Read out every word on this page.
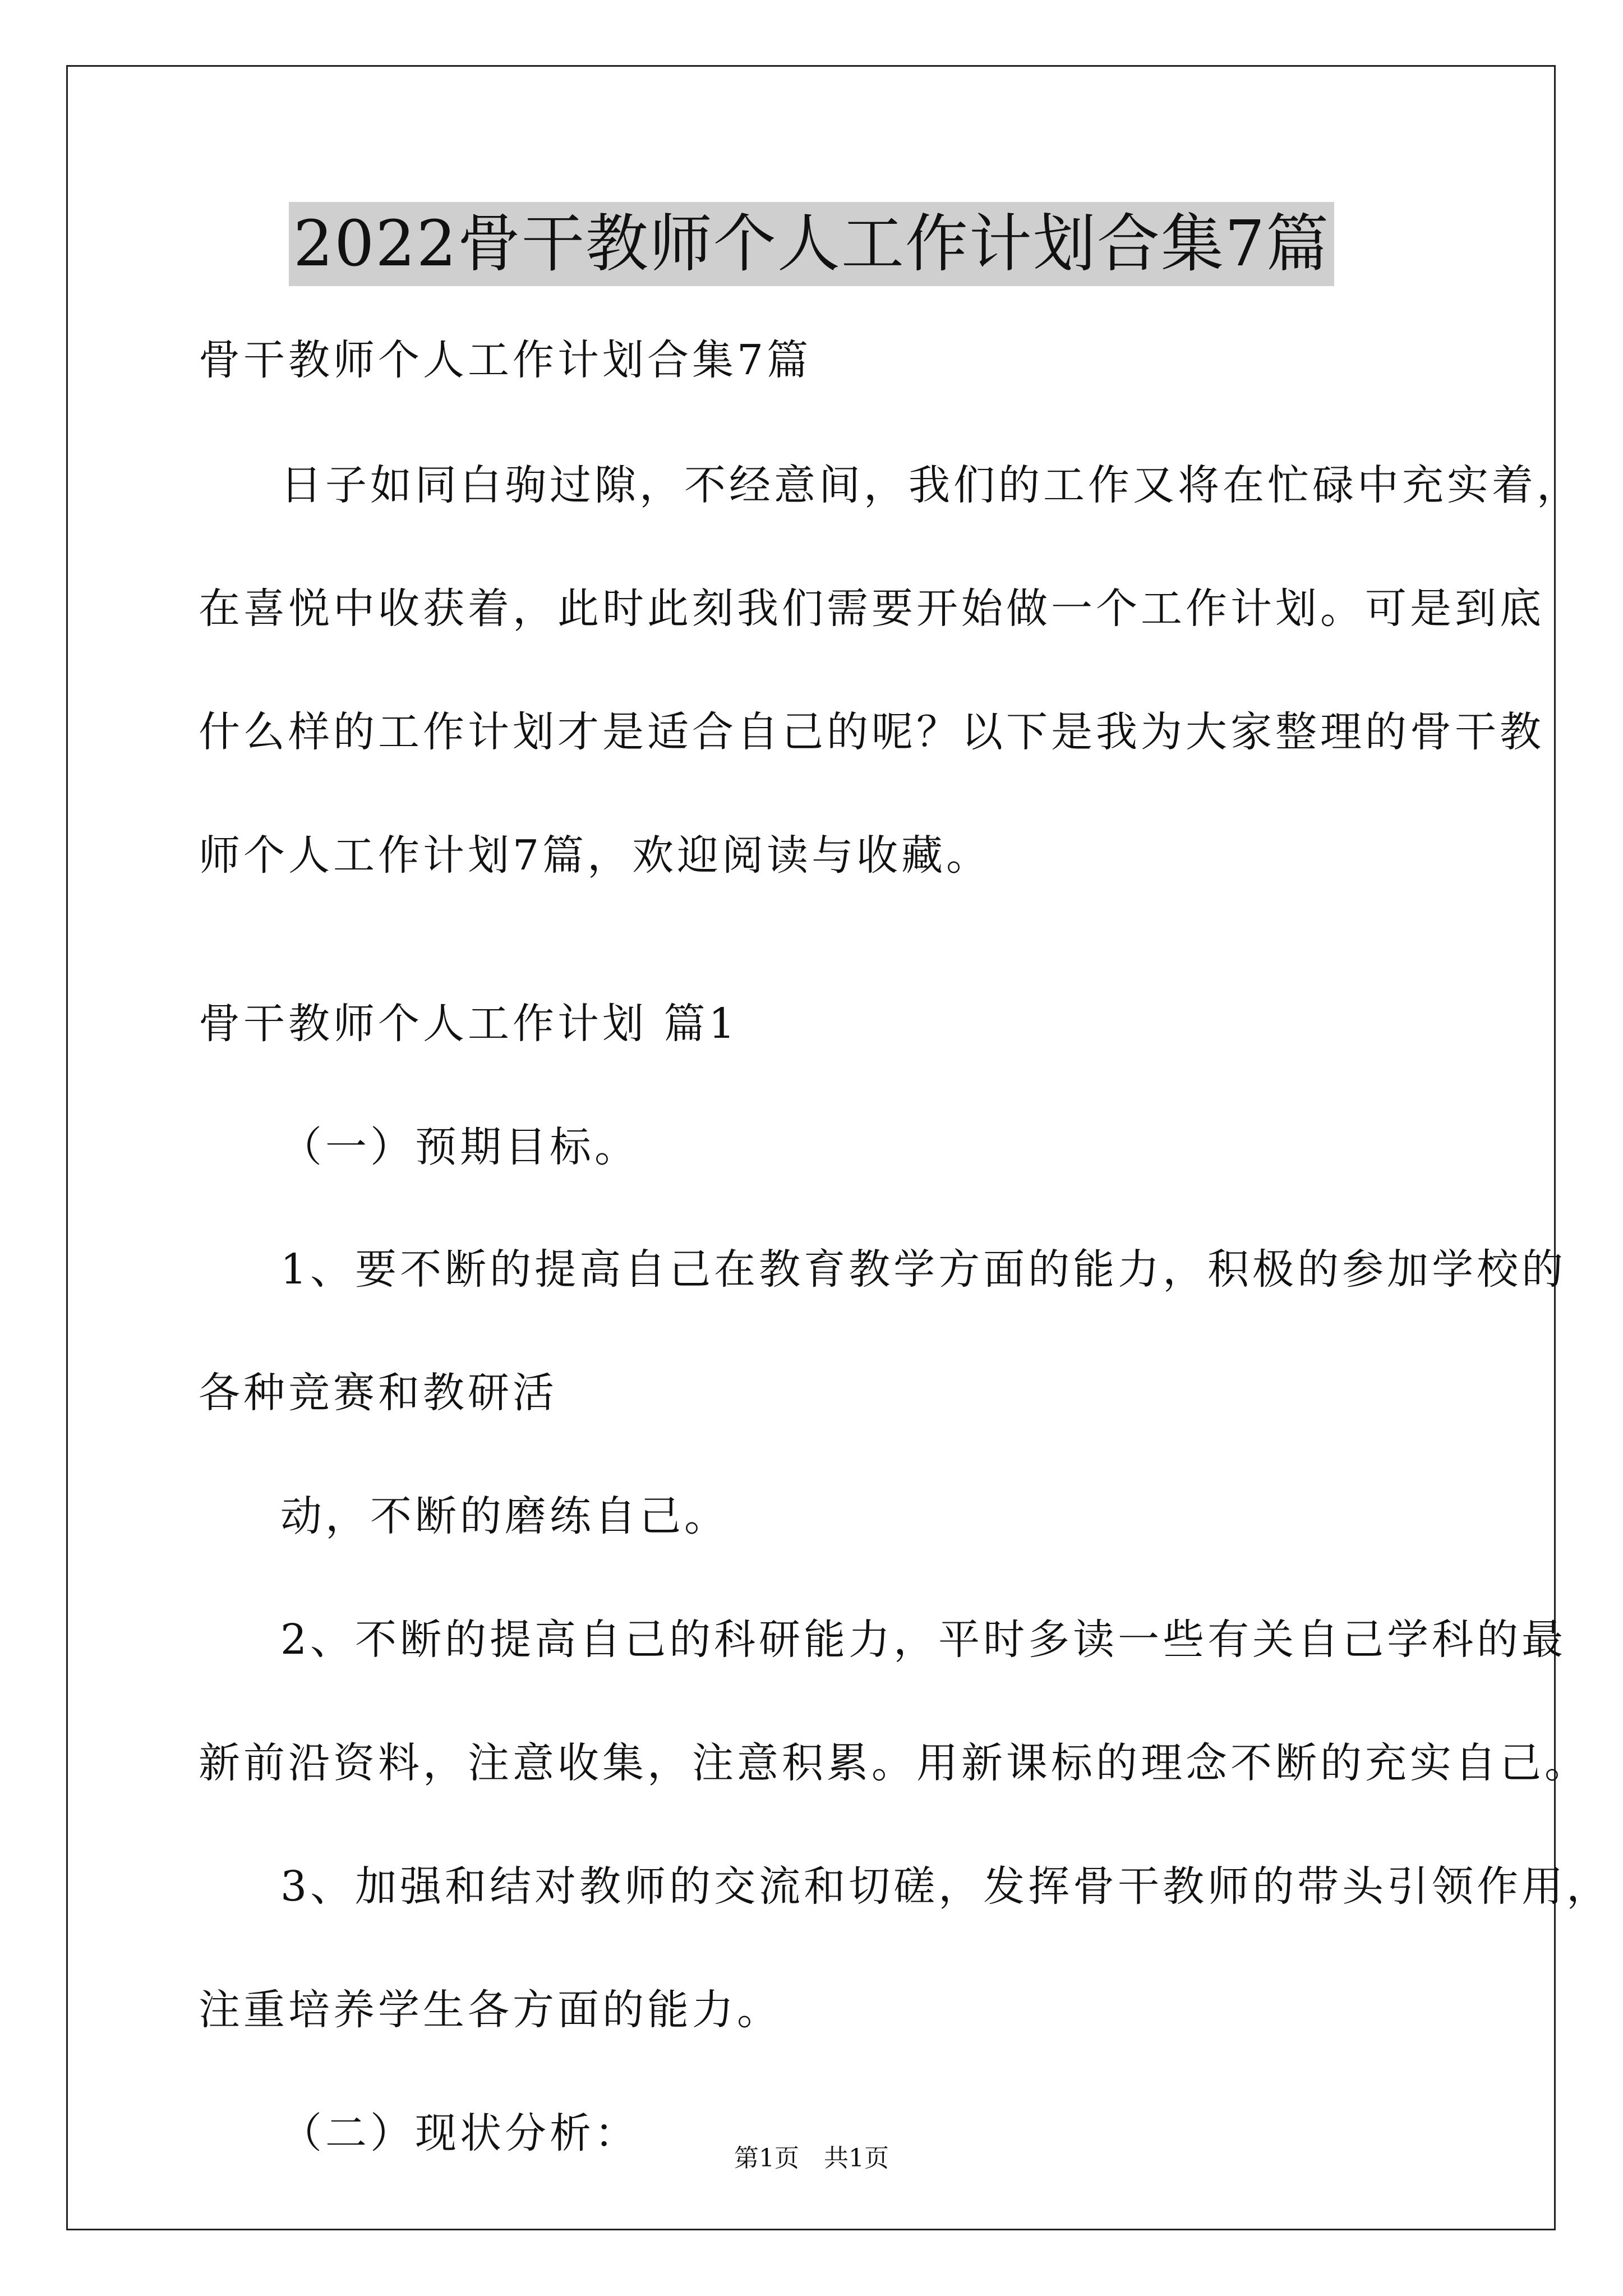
2022骨干教师个人工作计划合集7篇
骨干教师个人工作计划合集7篇
日子如同白驹过隙，不经意间，我们的工作又将在忙碌中充实着，
在喜悦中收获着，此时此刻我们需要开始做一个工作计划。可是到底
什么样的工作计划才是适合自己的呢？以下是我为大家整理的骨干教
师个人工作计划7篇，欢迎阅读与收藏。
骨干教师个人工作计划 篇1
（一）预期目标。
1、要不断的提高自己在教育教学方面的能力，积极的参加学校的
各种竞赛和教研活
动，不断的磨练自己。
2、不断的提高自己的科研能力，平时多读一些有关自己学科的最
新前沿资料，注意收集，注意积累。用新课标的理念不断的充实自己。
3、加强和结对教师的交流和切磋，发挥骨干教师的带头引领作用，
注重培养学生各方面的能力。
（二）现状分析：
第1页　共1页
